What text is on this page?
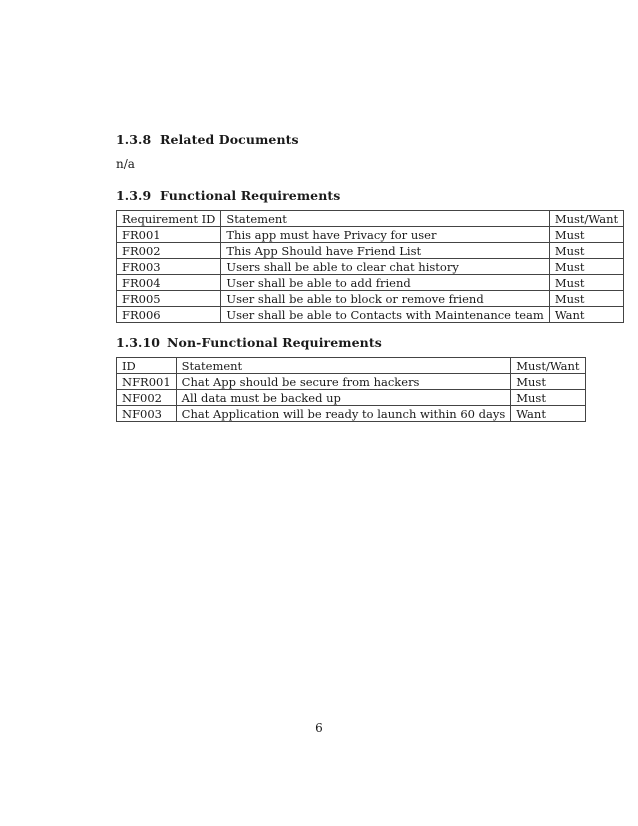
1.3.8 Related Documents
n/a
1.3.9 Functional Requirements
Requirement ID	Statement	Must/Want
FR001	This app must have Privacy for user	Must
FR002	This App Should have Friend List	Must
FR003	Users shall be able to clear chat history	Must
FR004	User shall be able to add friend	Must
FR005	User shall be able to block or remove friend	Must
FR006	User shall be able to Contacts with Maintenance team	Want
1.3.10 Non-Functional Requirements
ID	Statement	Must/Want
NFR001	Chat App should be secure from hackers	Must
NF002	All data must be backed up	Must
NF003	Chat Application will be ready to launch within 60 days	Want
6
